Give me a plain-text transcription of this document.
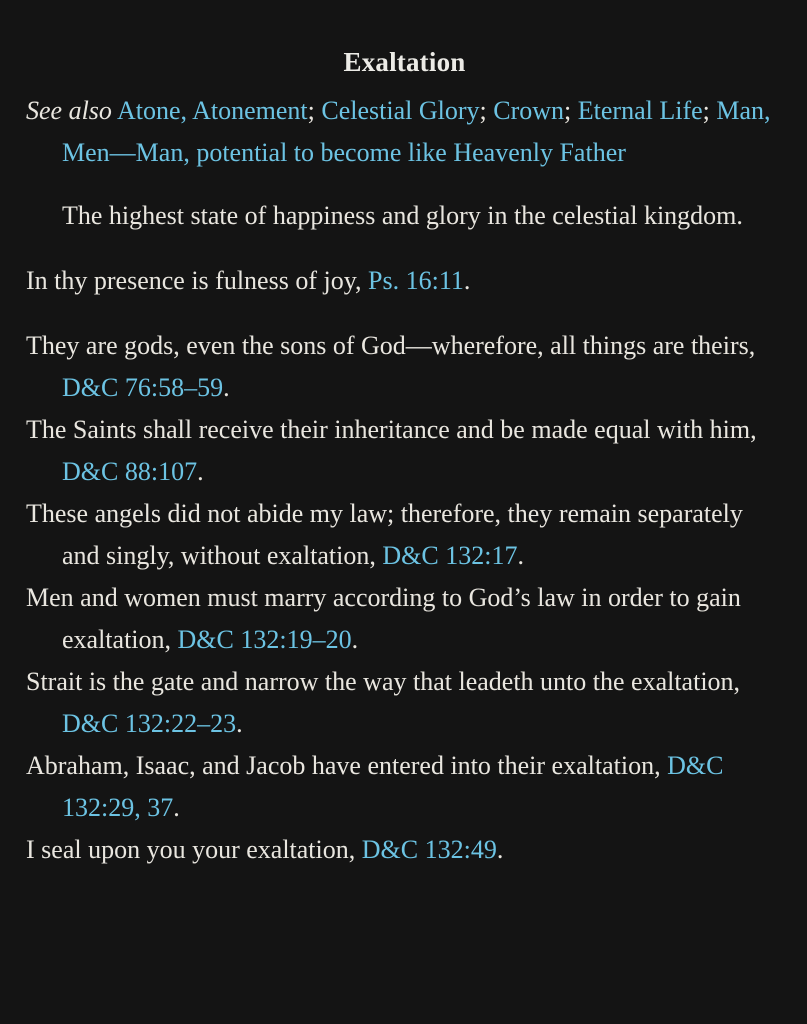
Exaltation

See also Atone, Atonement; Celestial Glory; Crown; Eternal Life; Man, Men—Man, potential to become like Heavenly Father

The highest state of happiness and glory in the celestial kingdom.

In thy presence is fulness of joy, Ps. 16:11.

They are gods, even the sons of God—wherefore, all things are theirs, D&C 76:58–59.

The Saints shall receive their inheritance and be made equal with him, D&C 88:107.

These angels did not abide my law; therefore, they remain separately and singly, without exaltation, D&C 132:17.

Men and women must marry according to God’s law in order to gain exaltation, D&C 132:19–20.

Strait is the gate and narrow the way that leadeth unto the exaltation, D&C 132:22–23.

Abraham, Isaac, and Jacob have entered into their exaltation, D&C 132:29, 37.

I seal upon you your exaltation, D&C 132:49.
